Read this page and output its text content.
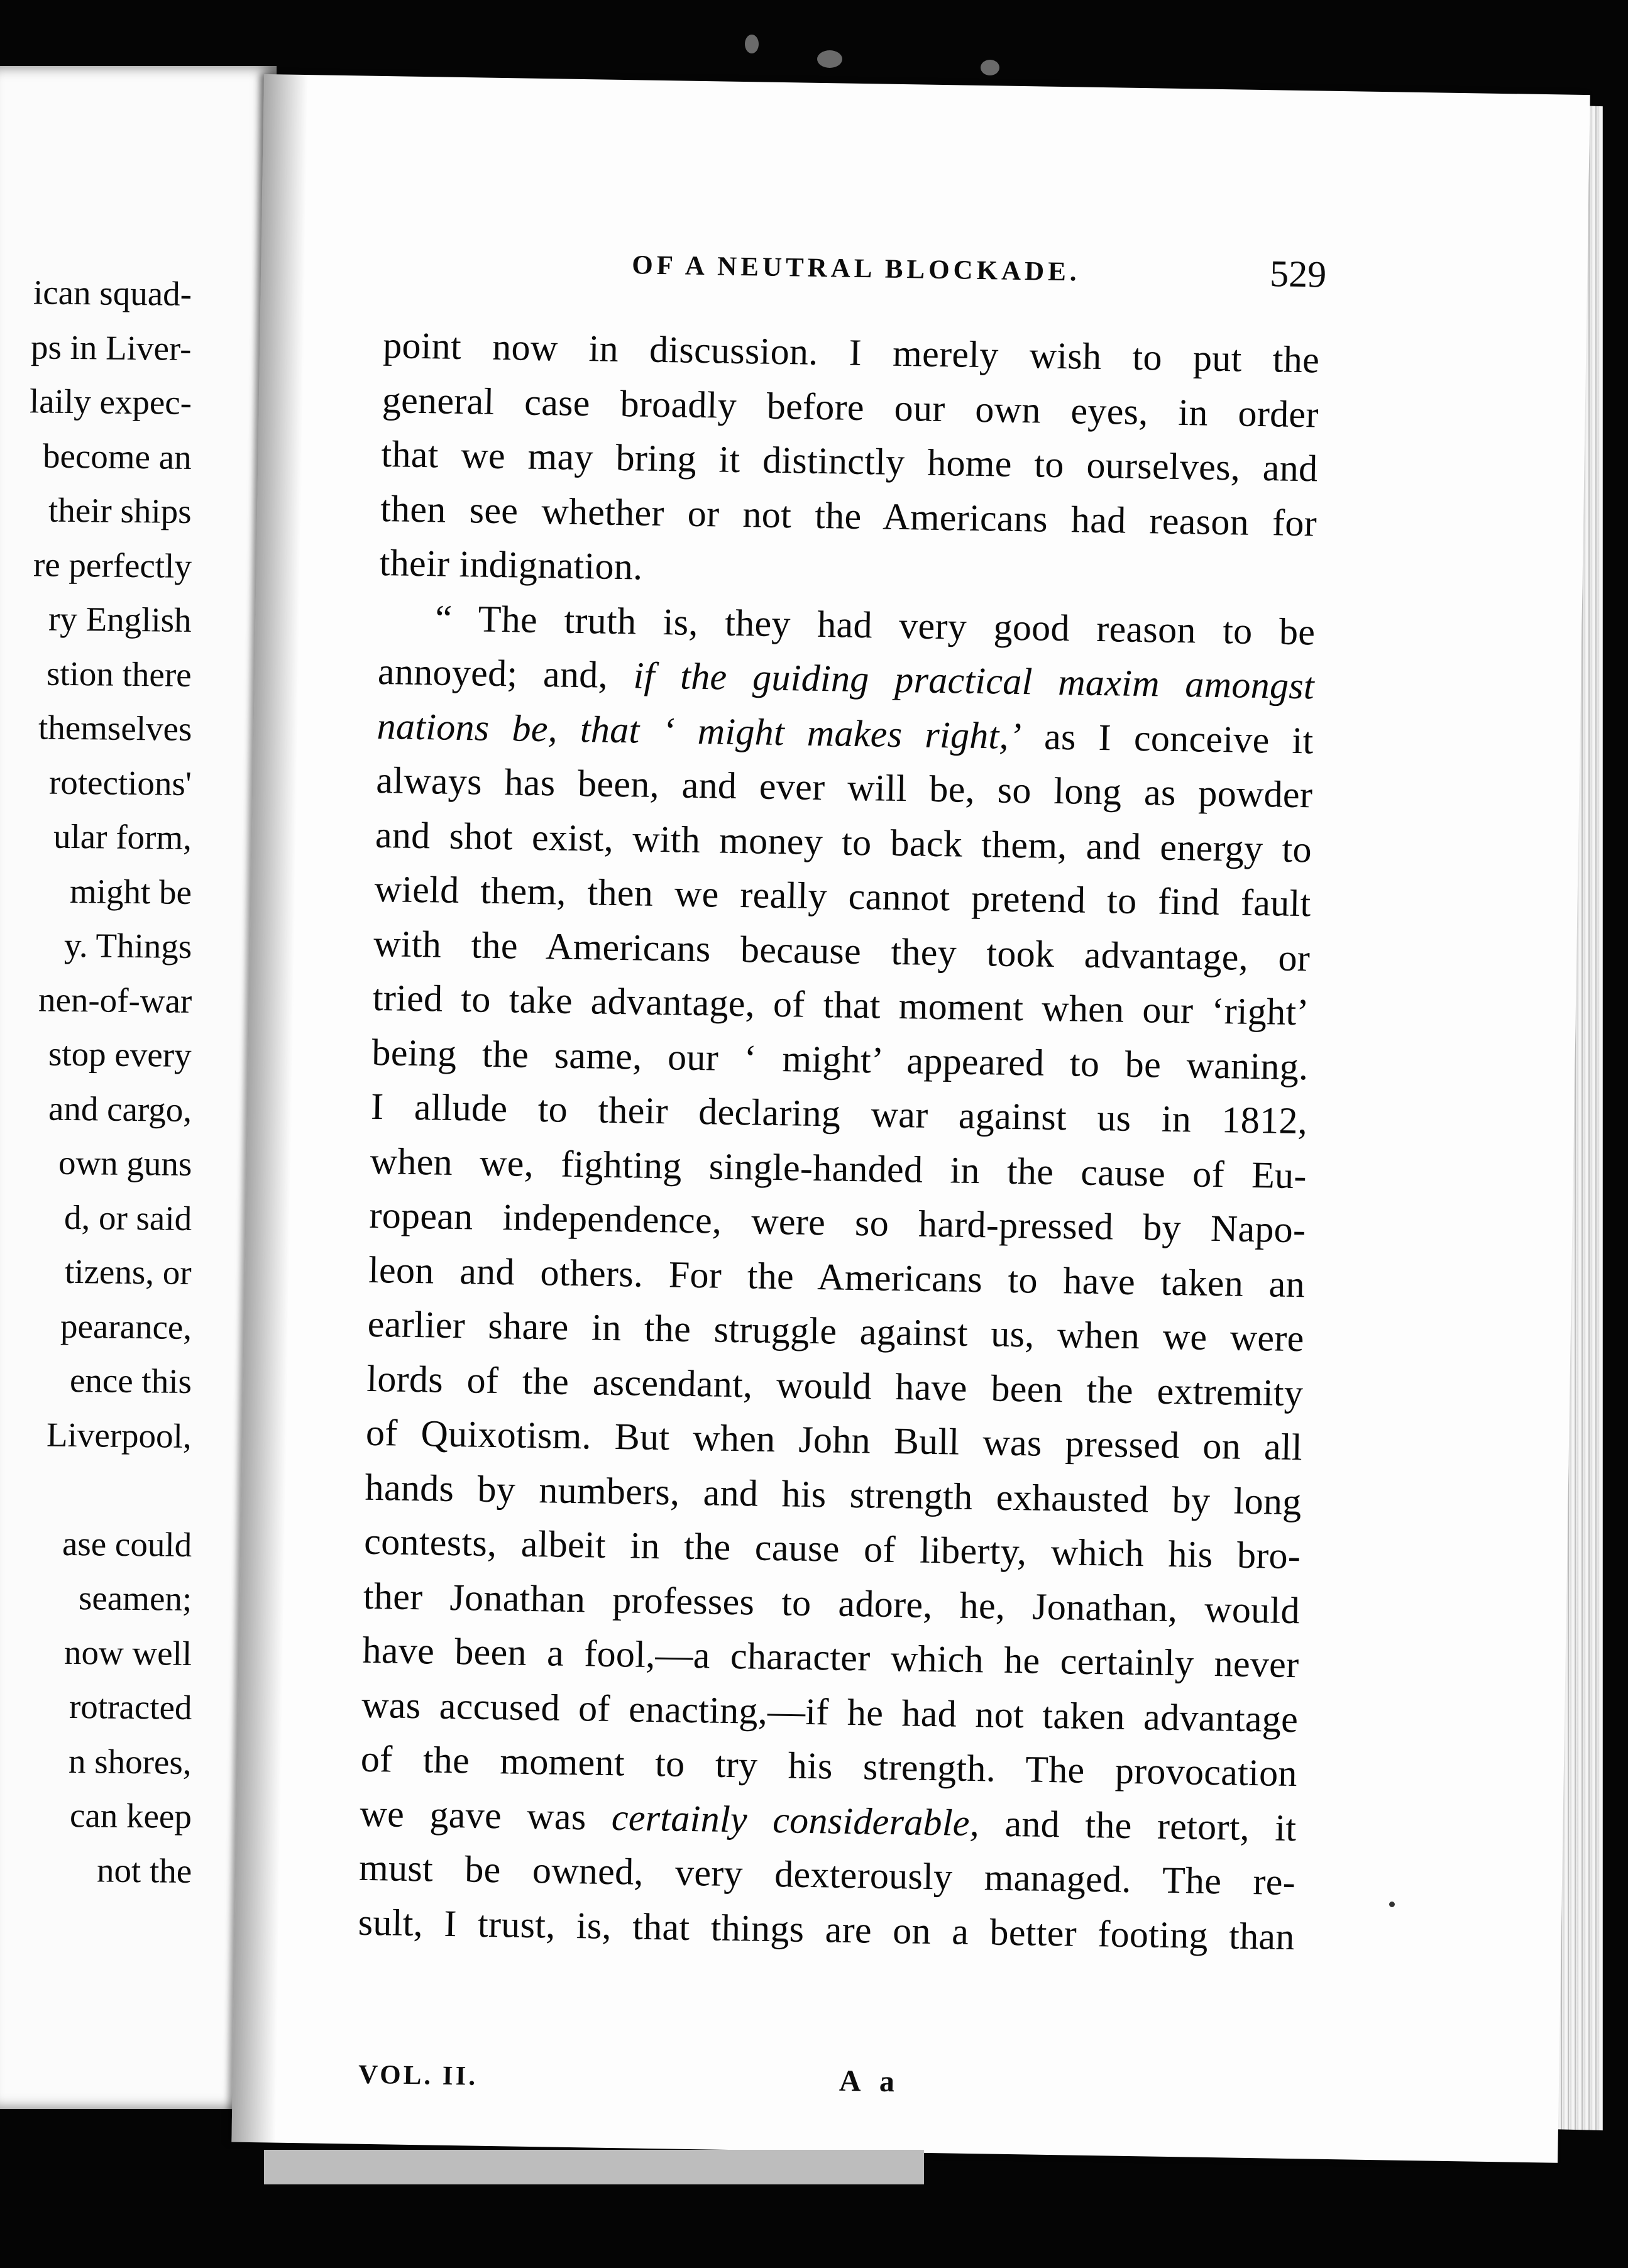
ican squad-
ps in Liver-
laily expec-
become an
their ships
re perfectly
ry English
stion there
themselves
rotections'
ular form,
might be
y. Things
nen-of-war
stop every
and cargo,
own guns
d, or said
tizens, or
pearance,
ence this
Liverpool,
ase could
seamen;
now well
rotracted
n shores,
can keep
not the
OF A NEUTRAL BLOCKADE.	529
point now in discussion. I merely wish to put the
general case broadly before our own eyes, in order
that we may bring it distinctly home to ourselves, and
then see whether or not the Americans had reason for
their indignation.
“ The truth is, they had very good reason to be
annoyed; and, if the guiding practical maxim amongst
nations be, that ‘ might makes right,’ as I conceive it
always has been, and ever will be, so long as powder
and shot exist, with money to back them, and energy to
wield them, then we really cannot pretend to find fault
with the Americans because they took advantage, or
tried to take advantage, of that moment when our ‘right’
being the same, our ‘ might’ appeared to be waning.
I allude to their declaring war against us in 1812,
when we, fighting single-handed in the cause of Eu-
ropean independence, were so hard-pressed by Napo-
leon and others. For the Americans to have taken an
earlier share in the struggle against us, when we were
lords of the ascendant, would have been the extremity
of Quixotism. But when John Bull was pressed on all
hands by numbers, and his strength exhausted by long
contests, albeit in the cause of liberty, which his bro-
ther Jonathan professes to adore, he, Jonathan, would
have been a fool,—a character which he certainly never
was accused of enacting,—if he had not taken advantage
of the moment to try his strength. The provocation
we gave was certainly considerable, and the retort, it
must be owned, very dexterously managed. The re-
sult, I trust, is, that things are on a better footing than
VOL. II.	A a
